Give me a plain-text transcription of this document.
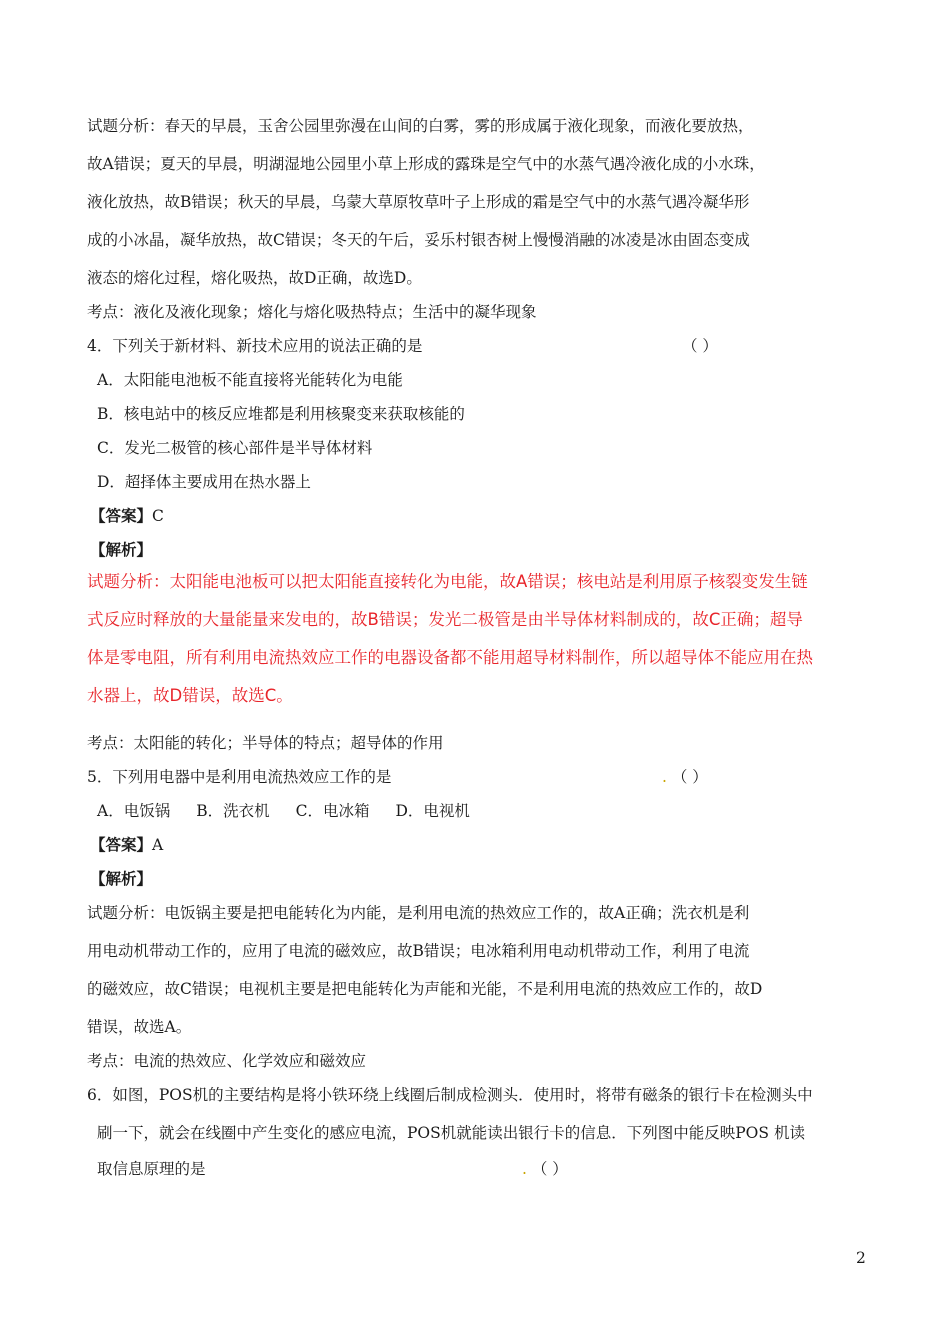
试题分析：春天的早晨，玉舍公园里弥漫在山间的白雾，雾的形成属于液化现象，而液化要放热，
故A错误；夏天的早晨，明湖湿地公园里小草上形成的露珠是空气中的水蒸气遇冷液化成的小水珠，
液化放热，故B错误；秋天的早晨，乌蒙大草原牧草叶子上形成的霜是空气中的水蒸气遇冷凝华形
成的小冰晶，凝华放热，故C错误；冬天的午后，妥乐村银杏树上慢慢消融的冰凌是冰由固态变成
液态的熔化过程，熔化吸热，故D正确，故选D。
考点：液化及液化现象；熔化与熔化吸热特点；生活中的凝华现象
4．下列关于新材料、新技术应用的说法正确的是	（ ）
A．太阳能电池板不能直接将光能转化为电能
B．核电站中的核反应堆都是利用核聚变来获取核能的
C．发光二极管的核心部件是半导体材料
D．超择体主要成用在热水器上
【答案】C
【解析】
试题分析：太阳能电池板可以把太阳能直接转化为电能，故A错误；核电站是利用原子核裂变发生链
式反应时释放的大量能量来发电的，故B错误；发光二极管是由半导体材料制成的，故C正确；超导
体是零电阻，所有利用电流热效应工作的电器设备都不能用超导材料制作，所以超导体不能应用在热
水器上，故D错误，故选C。
考点：太阳能的转化；半导体的特点；超导体的作用
5．下列用电器中是利用电流热效应工作的是	. （ ）
A．电饭锅 B．洗衣机 C．电冰箱 D．电视机
【答案】A
【解析】
试题分析：电饭锅主要是把电能转化为内能，是利用电流的热效应工作的，故A正确；洗衣机是利
用电动机带动工作的，应用了电流的磁效应，故B错误；电冰箱利用电动机带动工作，利用了电流
的磁效应，故C错误；电视机主要是把电能转化为声能和光能，不是利用电流的热效应工作的，故D
错误，故选A。
考点：电流的热效应、化学效应和磁效应
6．如图，POS机的主要结构是将小铁环绕上线圈后制成检测头．使用时，将带有磁条的银行卡在检测头中
刷一下，就会在线圈中产生变化的感应电流，POS机就能读出银行卡的信息．下列图中能反映POS 机读
取信息原理的是	. （ ）
2
